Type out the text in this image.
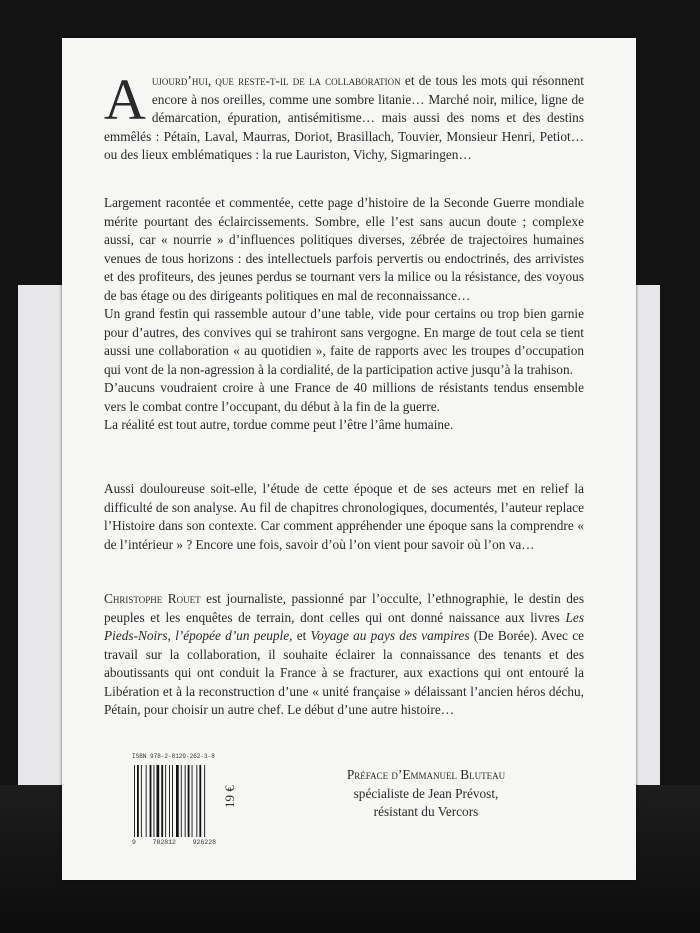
Aujourd’hui, que reste-t-il de la collaboration et de tous les mots qui résonnent encore à nos oreilles, comme une sombre litanie… Marché noir, milice, ligne de démarcation, épuration, antisémitisme… mais aussi des noms et des destins emmêlés : Pétain, Laval, Maurras, Doriot, Brasillach, Touvier, Monsieur Henri, Petiot… ou des lieux emblématiques : la rue Lauriston, Vichy, Sigmaringen…

Largement racontée et commentée, cette page d’histoire de la Seconde Guerre mondiale mérite pourtant des éclaircissements. Sombre, elle l’est sans aucun doute ; complexe aussi, car « nourrie » d’influences politiques diverses, zébrée de trajectoires humaines venues de tous horizons : des intellectuels parfois pervertis ou endoctrinés, des arrivistes et des profiteurs, des jeunes perdus se tournant vers la milice ou la résistance, des voyous de bas étage ou des dirigeants politiques en mal de reconnaissance…

Un grand festin qui rassemble autour d’une table, vide pour certains ou trop bien garnie pour d’autres, des convives qui se trahiront sans vergogne. En marge de tout cela se tient aussi une collaboration « au quotidien », faite de rapports avec les troupes d’occupation qui vont de la non-agression à la cordialité, de la participation active jusqu’à la trahison.

D’aucuns voudraient croire à une France de 40 millions de résistants tendus ensemble vers le combat contre l’occupant, du début à la fin de la guerre.

La réalité est tout autre, tordue comme peut l’être l’âme humaine.

Aussi douloureuse soit-elle, l’étude de cette époque et de ses acteurs met en relief la difficulté de son analyse. Au fil de chapitres chronologiques, documentés, l’auteur replace l’Histoire dans son contexte. Car comment appréhender une époque sans la comprendre « de l’intérieur » ? Encore une fois, savoir d’où l’on vient pour savoir où l’on va…
Christophe Rouet est journaliste, passionné par l’occulte, l’ethnographie, le destin des peuples et les enquêtes de terrain, dont celles qui ont donné naissance aux livres Les Pieds-Noirs, l’épopée d’un peuple, et Voyage au pays des vampires (De Borée). Avec ce travail sur la collaboration, il souhaite éclairer la connaissance des tenants et des aboutissants qui ont conduit la France à se fracturer, aux exactions qui ont entouré la Libération et à la reconstruction d’une « unité française » délaissant l’ancien héros déchu, Pétain, pour choisir un autre chef. Le début d’une autre histoire…
ISBN 978-2-8129-262-3-8
9	782812	926228
19 €
Préface d’Emmanuel Bluteau
spécialiste de Jean Prévost,
résistant du Vercors
